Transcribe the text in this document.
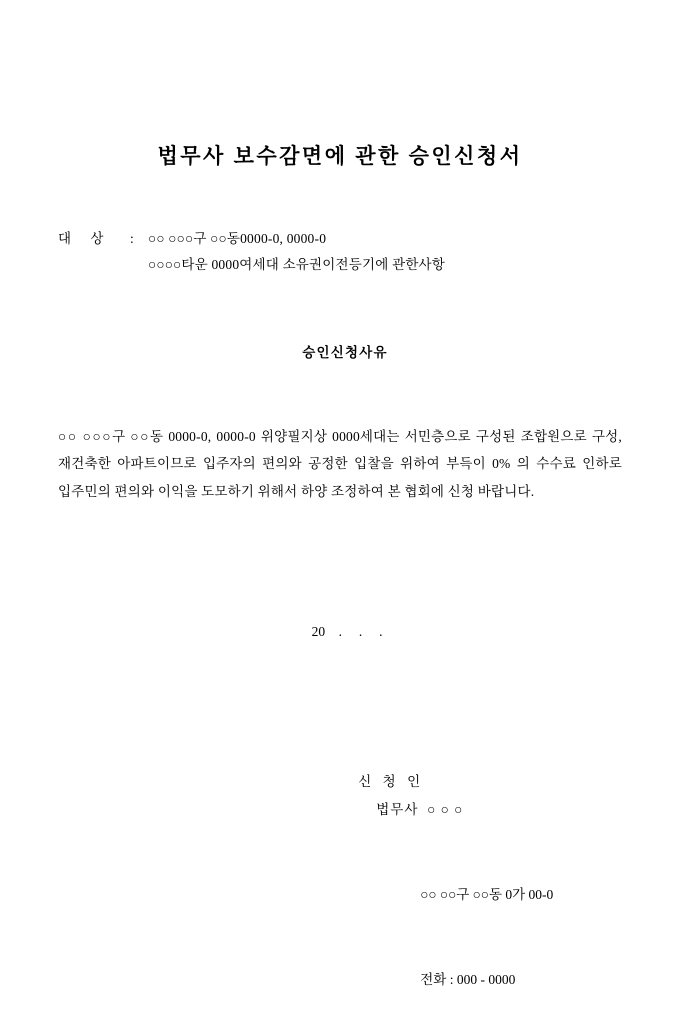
법무사 보수감면에 관한 승인신청서
대 상	:	○○ ○○○구 ○○동0000-0, 0000-0
○○○○타운 0000여세대 소유권이전등기에 관한사항
승인신청사유

○○ ○○○구 ○○동 0000-0, 0000-0 위양필지상 0000세대는 서민층으로 구성된 조합원으로 구성, 재건축한 아파트이므로 입주자의 편의와 공정한 입찰을 위하여 부득이 0% 의 수수료 인하로 입주민의 편의와 이익을 도모하기 위해서 하양 조정하여 본 협회에 신청 바랍니다.

20    .     .     .

신 청 인
법무사  ○ ○ ○

○○ ○○구 ○○동 0가 00-0

전화 : 000 - 0000
